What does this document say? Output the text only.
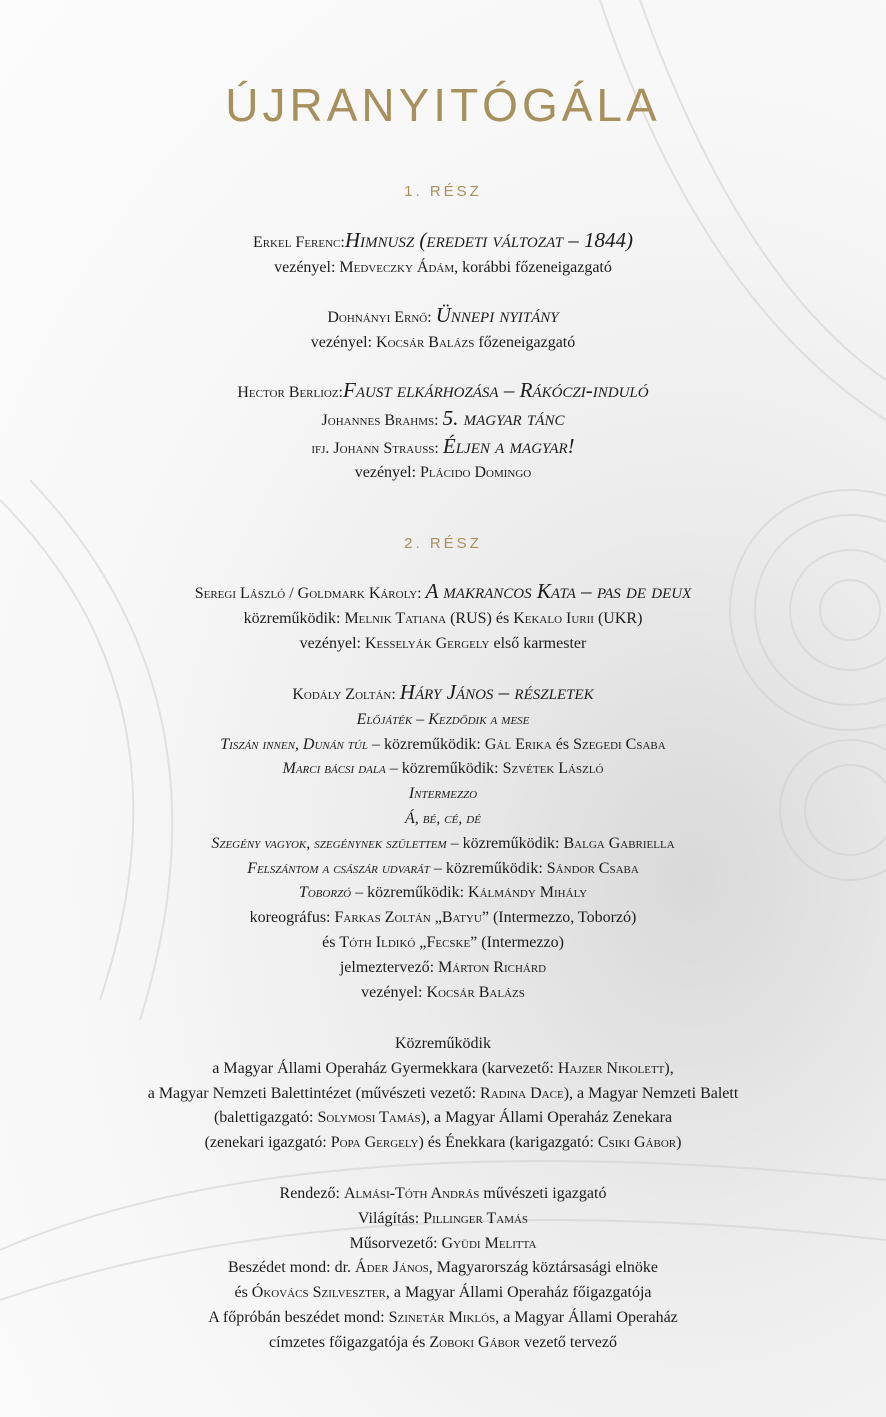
ÚJRANYITÓGÁLA
1. RÉSZ
Erkel Ferenc:Himnusz (eredeti változat – 1844)
vezényel: Medveczky Ádám, korábbi főzeneigazgató
Dohnányi Ernő: Ünnepi nyitány
vezényel: Kocsár Balázs főzeneigazgató
Hector Berlioz:Faust elkárhozása – Rákóczi-induló
Johannes Brahms: 5. magyar tánc
ifj. Johann Strauss: Éljen a magyar!
vezényel: Plácido Domingo
2. RÉSZ
Seregi László / Goldmark Károly: A makrancos Kata – pas de deux
közreműködik: Melnik Tatiana (RUS) és Kekalo Iurii (UKR)
vezényel: Kesselyák Gergely első karmester
Kodály Zoltán: Háry János – részletek
Előjáték – Kezdődik a mese
Tiszán innen, Dunán túl – közreműködik: Gál Erika és Szegedi Csaba
Marci bácsi dala – közreműködik: Szvétek László
Intermezzo
Á, bé, cé, dé
Szegény vagyok, szegénynek születtem – közreműködik: Balga Gabriella
Felszántom a császár udvarát – közreműködik: Sándor Csaba
Toborzó – közreműködik: Kálmándy Mihály
koreográfus: Farkas Zoltán „Batyu” (Intermezzo, Toborzó)
és Tóth Ildikó „Fecske” (Intermezzo)
jelmeztervező: Márton Richárd
vezényel: Kocsár Balázs
Közreműködik
a Magyar Állami Operaház Gyermekkara (karvezető: Hajzer Nikolett),
a Magyar Nemzeti Balettintézet (művészeti vezető: Radina Dace), a Magyar Nemzeti Balett
(balettigazgató: Solymosi Tamás), a Magyar Állami Operaház Zenekara
(zenekari igazgató: Popa Gergely) és Énekkara (karigazgató: Csiki Gábor)
Rendező: Almási-Tóth András művészeti igazgató
Világítás: Pillinger Tamás
Műsorvezető: Gyüdi Melitta
Beszédet mond: dr. Áder János, Magyarország köztársasági elnöke
és Ókovács Szilveszter, a Magyar Állami Operaház főigazgatója
A főpróbán beszédet mond: Szinetár Miklós, a Magyar Állami Operaház
címzetes főigazgatója és Zoboki Gábor vezető tervező
